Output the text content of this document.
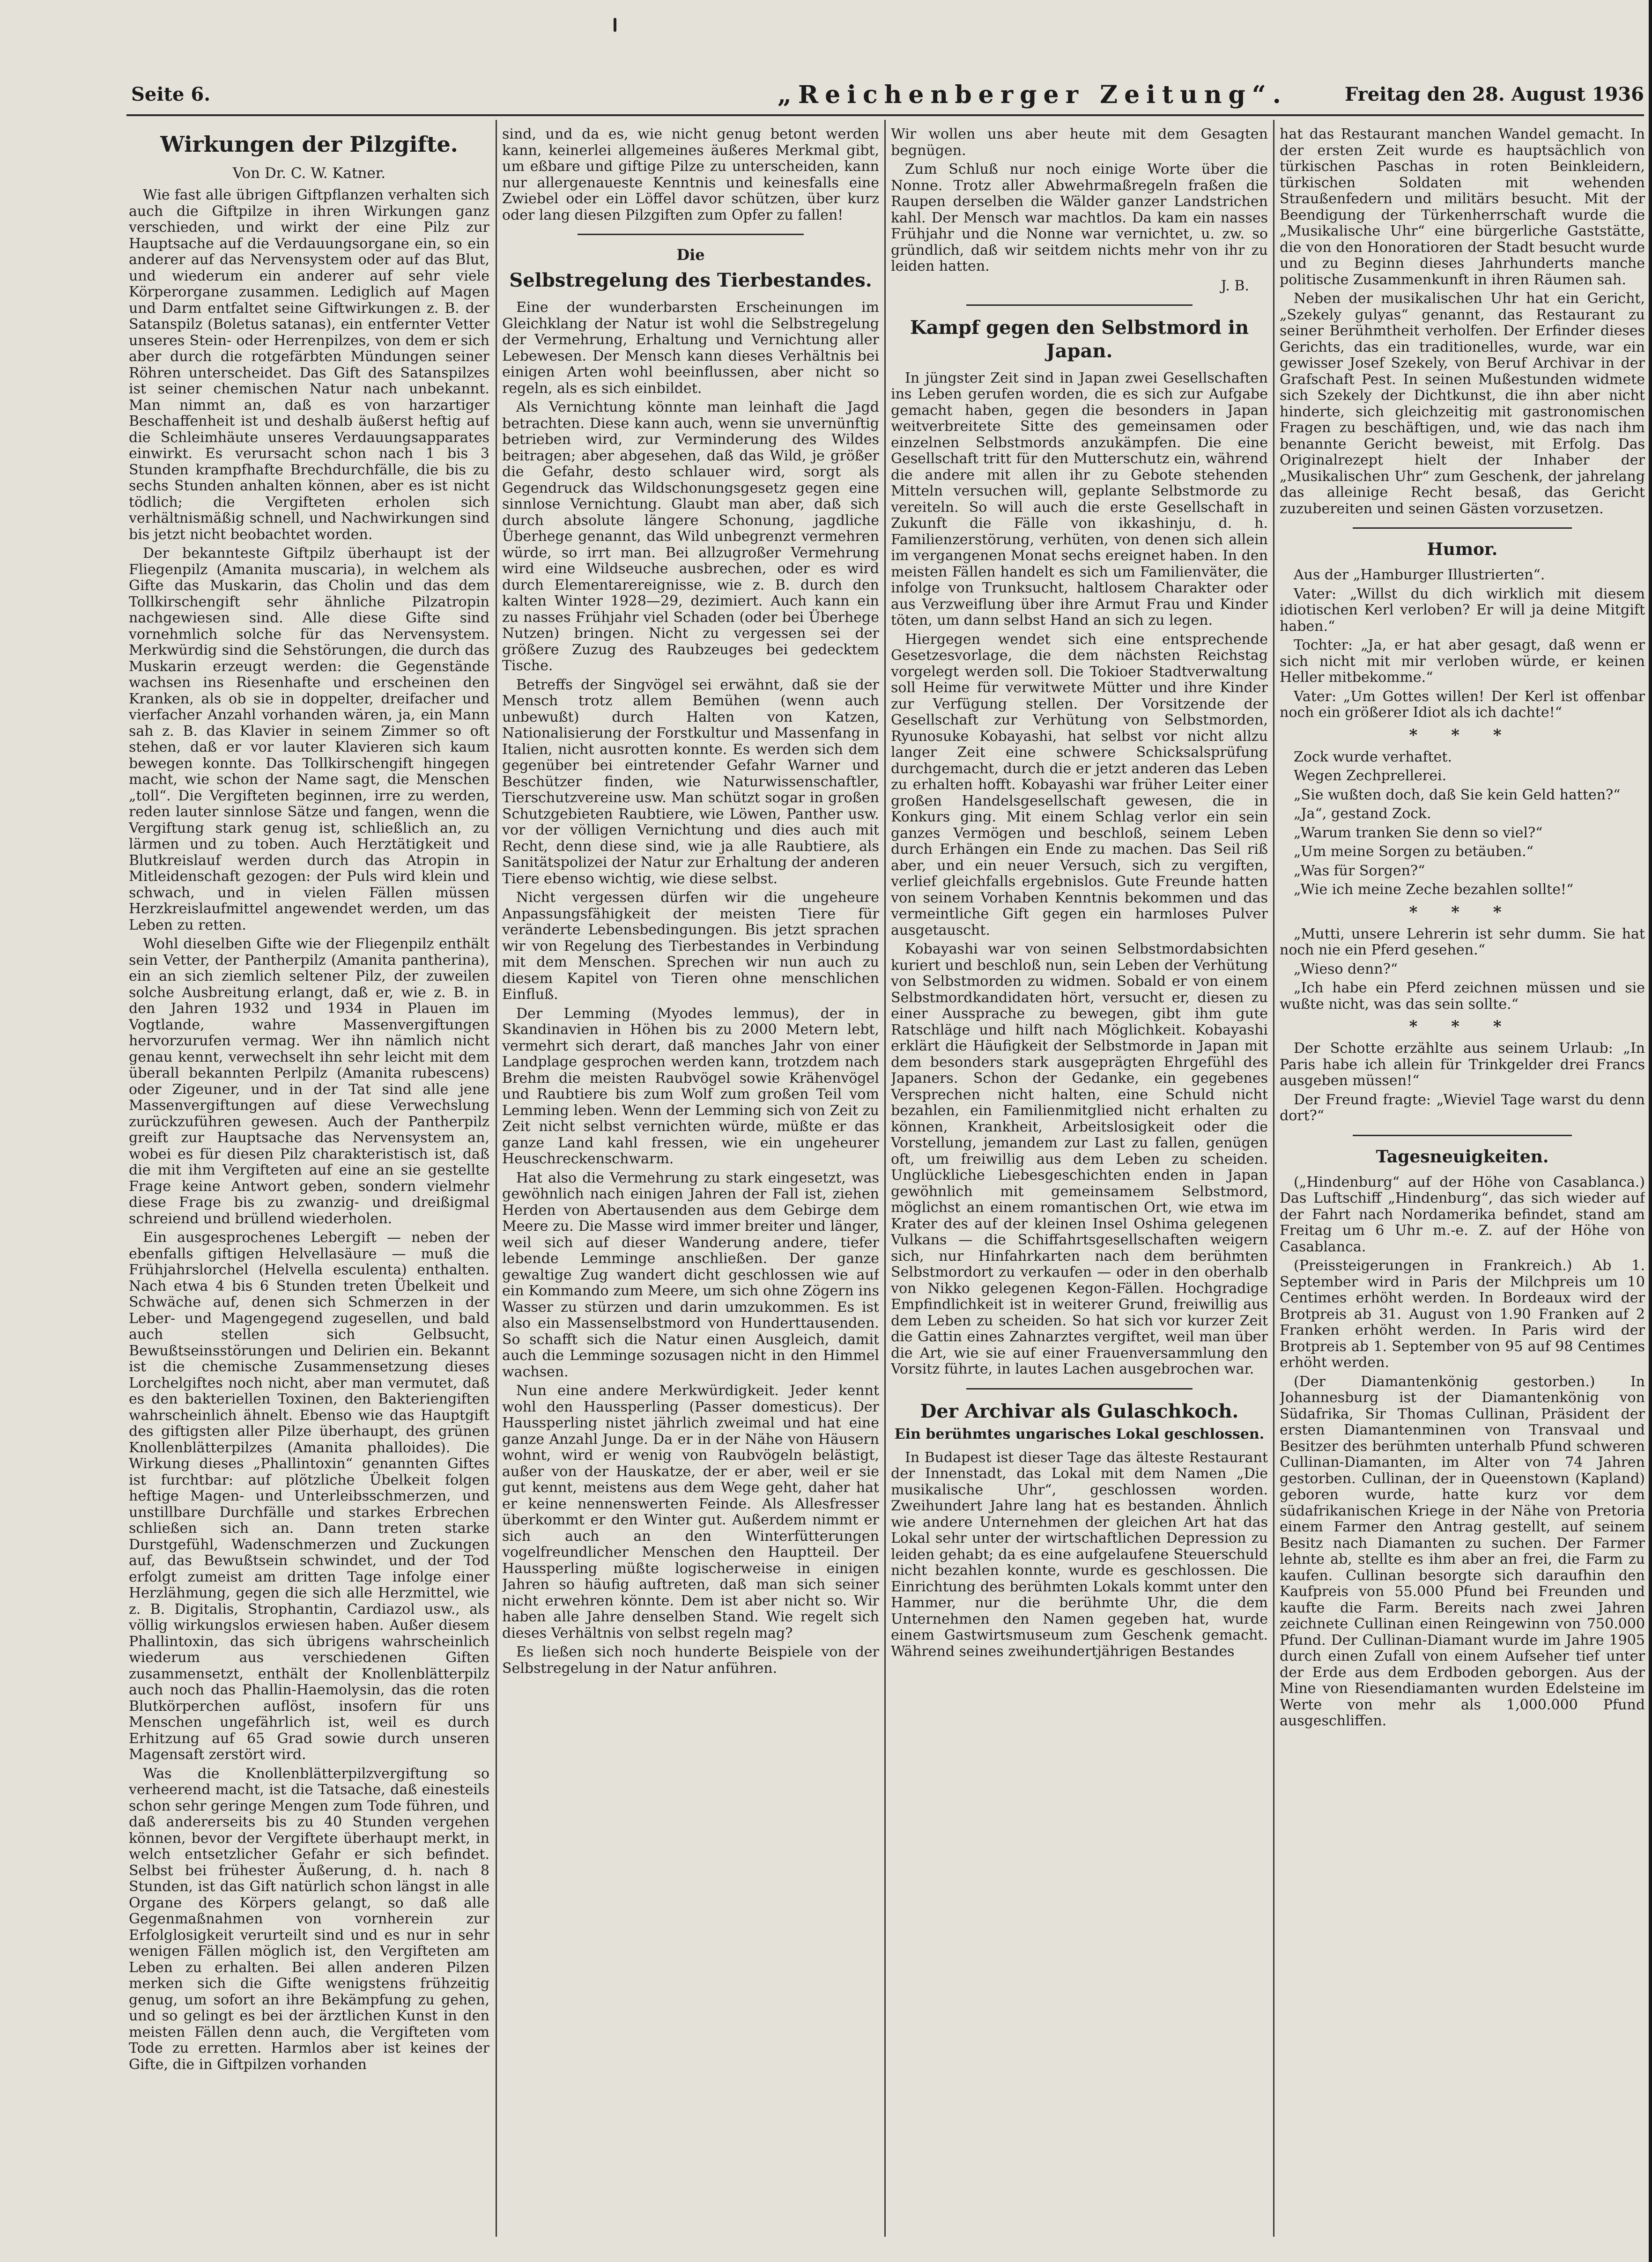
Seite 6.	„Reichenberger Zeitung“.	Freitag den 28. August 1936
Wirkungen der Pilzgifte.
Von Dr. C. W. Katner.

Wie fast alle übrigen Giftpflanzen verhalten sich auch die Giftpilze in ihren Wirkungen ganz verschieden, und wirkt der eine Pilz zur Hauptsache auf die Verdauungsorgane ein, so ein anderer auf das Nervensystem oder auf das Blut, und wiederum ein anderer auf sehr viele Körperorgane zusammen. Lediglich auf Magen und Darm entfaltet seine Giftwirkungen z. B. der Satanspilz (Boletus satanas), ein entfernter Vetter unseres Stein- oder Herrenpilzes, von dem er sich aber durch die rotgefärbten Mündungen seiner Röhren unterscheidet. Das Gift des Satanspilzes ist seiner chemischen Natur nach unbekannt. Man nimmt an, daß es von harzartiger Beschaffenheit ist und deshalb äußerst heftig auf die Schleimhäute unseres Verdauungsapparates einwirkt. Es verursacht schon nach 1 bis 3 Stunden krampfhafte Brechdurchfälle, die bis zu sechs Stunden anhalten können, aber es ist nicht tödlich; die Vergifteten erholen sich verhältnismäßig schnell, und Nachwirkungen sind bis jetzt nicht beobachtet worden.

Der bekannteste Giftpilz überhaupt ist der Fliegenpilz (Amanita muscaria), in welchem als Gifte das Muskarin, das Cholin und das dem Tollkirschengift sehr ähnliche Pilzatropin nachgewiesen sind. Alle diese Gifte sind vornehmlich solche für das Nervensystem. Merkwürdig sind die Sehstörungen, die durch das Muskarin erzeugt werden: die Gegenstände wachsen ins Riesenhafte und erscheinen den Kranken, als ob sie in doppelter, dreifacher und vierfacher Anzahl vorhanden wären, ja, ein Mann sah z. B. das Klavier in seinem Zimmer so oft stehen, daß er vor lauter Klavieren sich kaum bewegen konnte. Das Tollkirschengift hingegen macht, wie schon der Name sagt, die Menschen „toll“. Die Vergifteten beginnen, irre zu werden, reden lauter sinnlose Sätze und fangen, wenn die Vergiftung stark genug ist, schließlich an, zu lärmen und zu toben. Auch Herztätigkeit und Blutkreislauf werden durch das Atropin in Mitleidenschaft gezogen: der Puls wird klein und schwach, und in vielen Fällen müssen Herzkreislaufmittel angewendet werden, um das Leben zu retten.

Wohl dieselben Gifte wie der Fliegenpilz enthält sein Vetter, der Pantherpilz (Amanita pantherina), ein an sich ziemlich seltener Pilz, der zuweilen solche Ausbreitung erlangt, daß er, wie z. B. in den Jahren 1932 und 1934 in Plauen im Vogtlande, wahre Massenvergiftungen hervorzurufen vermag. Wer ihn nämlich nicht genau kennt, verwechselt ihn sehr leicht mit dem überall bekannten Perlpilz (Amanita rubescens) oder Zigeuner, und in der Tat sind alle jene Massenvergiftungen auf diese Verwechslung zurückzuführen gewesen. Auch der Pantherpilz greift zur Hauptsache das Nervensystem an, wobei es für diesen Pilz charakteristisch ist, daß die mit ihm Vergifteten auf eine an sie gestellte Frage keine Antwort geben, sondern vielmehr diese Frage bis zu zwanzig- und dreißigmal schreiend und brüllend wiederholen.

Ein ausgesprochenes Lebergift — neben der ebenfalls giftigen Helvellasäure — muß die Frühjahrslorchel (Helvella esculenta) enthalten. Nach etwa 4 bis 6 Stunden treten Übelkeit und Schwäche auf, denen sich Schmerzen in der Leber- und Magengegend zugesellen, und bald auch stellen sich Gelbsucht, Bewußtseinsstörungen und Delirien ein. Bekannt ist die chemische Zusammensetzung dieses Lorchelgiftes noch nicht, aber man vermutet, daß es den bakteriellen Toxinen, den Bakteriengiften wahrscheinlich ähnelt. Ebenso wie das Hauptgift des giftigsten aller Pilze überhaupt, des grünen Knollenblätterpilzes (Amanita phalloides). Die Wirkung dieses „Phallintoxin“ genannten Giftes ist furchtbar: auf plötzliche Übelkeit folgen heftige Magen- und Unterleibsschmerzen, und unstillbare Durchfälle und starkes Erbrechen schließen sich an. Dann treten starke Durstgefühl, Wadenschmerzen und Zuckungen auf, das Bewußtsein schwindet, und der Tod erfolgt zumeist am dritten Tage infolge einer Herzlähmung, gegen die sich alle Herzmittel, wie z. B. Digitalis, Strophantin, Cardiazol usw., als völlig wirkungslos erwiesen haben. Außer diesem Phallintoxin, das sich übrigens wahrscheinlich wiederum aus verschiedenen Giften zusammensetzt, enthält der Knollenblätterpilz auch noch das Phallin-Haemolysin, das die roten Blutkörperchen auflöst, insofern für uns Menschen ungefährlich ist, weil es durch Erhitzung auf 65 Grad sowie durch unseren Magensaft zerstört wird.

Was die Knollenblätterpilzvergiftung so verheerend macht, ist die Tatsache, daß einesteils schon sehr geringe Mengen zum Tode führen, und daß andererseits bis zu 40 Stunden vergehen können, bevor der Vergiftete überhaupt merkt, in welch entsetzlicher Gefahr er sich befindet. Selbst bei frühester Äußerung, d. h. nach 8 Stunden, ist das Gift natürlich schon längst in alle Organe des Körpers gelangt, so daß alle Gegenmaßnahmen von vornherein zur Erfolglosigkeit verurteilt sind und es nur in sehr wenigen Fällen möglich ist, den Vergifteten am Leben zu erhalten. Bei allen anderen Pilzen merken sich die Gifte wenigstens frühzeitig genug, um sofort an ihre Bekämpfung zu gehen, und so gelingt es bei der ärztlichen Kunst in den meisten Fällen denn auch, die Vergifteten vom Tode zu erretten. Harmlos aber ist keines der Gifte, die in Giftpilzen vorhanden

sind, und da es, wie nicht genug betont werden kann, keinerlei allgemeines äußeres Merkmal gibt, um eßbare und giftige Pilze zu unterscheiden, kann nur allergenaueste Kenntnis und keinesfalls eine Zwiebel oder ein Löffel davor schützen, über kurz oder lang diesen Pilzgiften zum Opfer zu fallen!

Die
Selbstregelung des Tierbestandes.

Eine der wunderbarsten Erscheinungen im Gleichklang der Natur ist wohl die Selbstregelung der Vermehrung, Erhaltung und Vernichtung aller Lebewesen. Der Mensch kann dieses Verhältnis bei einigen Arten wohl beeinflussen, aber nicht so regeln, als es sich einbildet.

Als Vernichtung könnte man leinhaft die Jagd betrachten. Diese kann auch, wenn sie unvernünftig betrieben wird, zur Verminderung des Wildes beitragen; aber abgesehen, daß das Wild, je größer die Gefahr, desto schlauer wird, sorgt als Gegendruck das Wildschonungsgesetz gegen eine sinnlose Vernichtung. Glaubt man aber, daß sich durch absolute längere Schonung, jagdliche Überhege genannt, das Wild unbegrenzt vermehren würde, so irrt man. Bei allzugroßer Vermehrung wird eine Wildseuche ausbrechen, oder es wird durch Elementarereignisse, wie z. B. durch den kalten Winter 1928—29, dezimiert. Auch kann ein zu nasses Frühjahr viel Schaden (oder bei Überhege Nutzen) bringen. Nicht zu vergessen sei der größere Zuzug des Raubzeuges bei gedecktem Tische.

Betreffs der Singvögel sei erwähnt, daß sie der Mensch trotz allem Bemühen (wenn auch unbewußt) durch Halten von Katzen, Nationalisierung der Forstkultur und Massenfang in Italien, nicht ausrotten konnte. Es werden sich dem gegenüber bei eintretender Gefahr Warner und Beschützer finden, wie Naturwissenschaftler, Tierschutzvereine usw. Man schützt sogar in großen Schutzgebieten Raubtiere, wie Löwen, Panther usw. vor der völligen Vernichtung und dies auch mit Recht, denn diese sind, wie ja alle Raubtiere, als Sanitätspolizei der Natur zur Erhaltung der anderen Tiere ebenso wichtig, wie diese selbst.

Nicht vergessen dürfen wir die ungeheure Anpassungsfähigkeit der meisten Tiere für veränderte Lebensbedingungen. Bis jetzt sprachen wir von Regelung des Tierbestandes in Verbindung mit dem Menschen. Sprechen wir nun auch zu diesem Kapitel von Tieren ohne menschlichen Einfluß.

Der Lemming (Myodes lemmus), der in Skandinavien in Höhen bis zu 2000 Metern lebt, vermehrt sich derart, daß manches Jahr von einer Landplage gesprochen werden kann, trotzdem nach Brehm die meisten Raubvögel sowie Krähenvögel und Raubtiere bis zum Wolf zum großen Teil vom Lemming leben. Wenn der Lemming sich von Zeit zu Zeit nicht selbst vernichten würde, müßte er das ganze Land kahl fressen, wie ein ungeheurer Heuschreckenschwarm.

Hat also die Vermehrung zu stark eingesetzt, was gewöhnlich nach einigen Jahren der Fall ist, ziehen Herden von Abertausenden aus dem Gebirge dem Meere zu. Die Masse wird immer breiter und länger, weil sich auf dieser Wanderung andere, tiefer lebende Lemminge anschließen. Der ganze gewaltige Zug wandert dicht geschlossen wie auf ein Kommando zum Meere, um sich ohne Zögern ins Wasser zu stürzen und darin umzukommen. Es ist also ein Massenselbstmord von Hunderttausenden. So schafft sich die Natur einen Ausgleich, damit auch die Lemminge sozusagen nicht in den Himmel wachsen.

Nun eine andere Merkwürdigkeit. Jeder kennt wohl den Haussperling (Passer domesticus). Der Haussperling nistet jährlich zweimal und hat eine ganze Anzahl Junge. Da er in der Nähe von Häusern wohnt, wird er wenig von Raubvögeln belästigt, außer von der Hauskatze, der er aber, weil er sie gut kennt, meistens aus dem Wege geht, daher hat er keine nennenswerten Feinde. Als Allesfresser überkommt er den Winter gut. Außerdem nimmt er sich auch an den Winterfütterungen vogelfreundlicher Menschen den Hauptteil. Der Haussperling müßte logischerweise in einigen Jahren so häufig auftreten, daß man sich seiner nicht erwehren könnte. Dem ist aber nicht so. Wir haben alle Jahre denselben Stand. Wie regelt sich dieses Verhältnis von selbst regeln mag?

Es ließen sich noch hunderte Beispiele von der Selbstregelung in der Natur anführen.

Wir wollen uns aber heute mit dem Gesagten begnügen.

Zum Schluß nur noch einige Worte über die Nonne. Trotz aller Abwehrmaßregeln fraßen die Raupen derselben die Wälder ganzer Landstrichen kahl. Der Mensch war machtlos. Da kam ein nasses Frühjahr und die Nonne war vernichtet, u. zw. so gründlich, daß wir seitdem nichts mehr von ihr zu leiden hatten.

J. B.
Kampf gegen den Selbstmord in Japan.

In jüngster Zeit sind in Japan zwei Gesellschaften ins Leben gerufen worden, die es sich zur Aufgabe gemacht haben, gegen die besonders in Japan weitverbreitete Sitte des gemeinsamen oder einzelnen Selbstmords anzukämpfen. Die eine Gesellschaft tritt für den Mutterschutz ein, während die andere mit allen ihr zu Gebote stehenden Mitteln versuchen will, geplante Selbstmorde zu vereiteln. So will auch die erste Gesellschaft in Zukunft die Fälle von ikkashinju, d. h. Familienzerstörung, verhüten, von denen sich allein im vergangenen Monat sechs ereignet haben. In den meisten Fällen handelt es sich um Familienväter, die infolge von Trunksucht, haltlosem Charakter oder aus Verzweiflung über ihre Armut Frau und Kinder töten, um dann selbst Hand an sich zu legen.

Hiergegen wendet sich eine entsprechende Gesetzesvorlage, die dem nächsten Reichstag vorgelegt werden soll. Die Tokioer Stadtverwaltung soll Heime für verwitwete Mütter und ihre Kinder zur Verfügung stellen. Der Vorsitzende der Gesellschaft zur Verhütung von Selbstmorden, Ryunosuke Kobayashi, hat selbst vor nicht allzu langer Zeit eine schwere Schicksalsprüfung durchgemacht, durch die er jetzt anderen das Leben zu erhalten hofft. Kobayashi war früher Leiter einer großen Handelsgesellschaft gewesen, die in Konkurs ging. Mit einem Schlag verlor ein sein ganzes Vermögen und beschloß, seinem Leben durch Erhängen ein Ende zu machen. Das Seil riß aber, und ein neuer Versuch, sich zu vergiften, verlief gleichfalls ergebnislos. Gute Freunde hatten von seinem Vorhaben Kenntnis bekommen und das vermeintliche Gift gegen ein harmloses Pulver ausgetauscht.

Kobayashi war von seinen Selbstmordabsichten kuriert und beschloß nun, sein Leben der Verhütung von Selbstmorden zu widmen. Sobald er von einem Selbstmordkandidaten hört, versucht er, diesen zu einer Aussprache zu bewegen, gibt ihm gute Ratschläge und hilft nach Möglichkeit. Kobayashi erklärt die Häufigkeit der Selbstmorde in Japan mit dem besonders stark ausgeprägten Ehrgefühl des Japaners. Schon der Gedanke, ein gegebenes Versprechen nicht halten, eine Schuld nicht bezahlen, ein Familienmitglied nicht erhalten zu können, Krankheit, Arbeitslosigkeit oder die Vorstellung, jemandem zur Last zu fallen, genügen oft, um freiwillig aus dem Leben zu scheiden. Unglückliche Liebesgeschichten enden in Japan gewöhnlich mit gemeinsamem Selbstmord, möglichst an einem romantischen Ort, wie etwa im Krater des auf der kleinen Insel Oshima gelegenen Vulkans — die Schiffahrtsgesellschaften weigern sich, nur Hinfahrkarten nach dem berühmten Selbstmordort zu verkaufen — oder in den oberhalb von Nikko gelegenen Kegon-Fällen. Hochgradige Empfindlichkeit ist in weiterer Grund, freiwillig aus dem Leben zu scheiden. So hat sich vor kurzer Zeit die Gattin eines Zahnarztes vergiftet, weil man über die Art, wie sie auf einer Frauenversammlung den Vorsitz führte, in lautes Lachen ausgebrochen war.

Der Archivar als Gulaschkoch.
Ein berühmtes ungarisches Lokal geschlossen.

In Budapest ist dieser Tage das älteste Restaurant der Innenstadt, das Lokal mit dem Namen „Die musikalische Uhr“, geschlossen worden. Zweihundert Jahre lang hat es bestanden. Ähnlich wie andere Unternehmen der gleichen Art hat das Lokal sehr unter der wirtschaftlichen Depression zu leiden gehabt; da es eine aufgelaufene Steuerschuld nicht bezahlen konnte, wurde es geschlossen. Die Einrichtung des berühmten Lokals kommt unter den Hammer, nur die berühmte Uhr, die dem Unternehmen den Namen gegeben hat, wurde einem Gastwirtsmuseum zum Geschenk gemacht. Während seines zweihundertjährigen Bestandes

hat das Restaurant manchen Wandel gemacht. In der ersten Zeit wurde es hauptsächlich von türkischen Paschas in roten Beinkleidern, türkischen Soldaten mit wehenden Straußenfedern und militärs besucht. Mit der Beendigung der Türkenherrschaft wurde die „Musikalische Uhr“ eine bürgerliche Gaststätte, die von den Honoratioren der Stadt besucht wurde und zu Beginn dieses Jahrhunderts manche politische Zusammenkunft in ihren Räumen sah.

Neben der musikalischen Uhr hat ein Gericht, „Szekely gulyas“ genannt, das Restaurant zu seiner Berühmtheit verholfen. Der Erfinder dieses Gerichts, das ein traditionelles, wurde, war ein gewisser Josef Szekely, von Beruf Archivar in der Grafschaft Pest. In seinen Mußestunden widmete sich Szekely der Dichtkunst, die ihn aber nicht hinderte, sich gleichzeitig mit gastronomischen Fragen zu beschäftigen, und, wie das nach ihm benannte Gericht beweist, mit Erfolg. Das Originalrezept hielt der Inhaber der „Musikalischen Uhr“ zum Geschenk, der jahrelang das alleinige Recht besaß, das Gericht zuzubereiten und seinen Gästen vorzusetzen.

Humor.

Aus der „Hamburger Illustrierten“.

Vater: „Willst du dich wirklich mit diesem idiotischen Kerl verloben? Er will ja deine Mitgift haben.“

Tochter: „Ja, er hat aber gesagt, daß wenn er sich nicht mit mir verloben würde, er keinen Heller mitbekomme.“

Vater: „Um Gottes willen! Der Kerl ist offenbar noch ein größerer Idiot als ich dachte!“

* * *

Zock wurde verhaftet.

Wegen Zechprellerei.

„Sie wußten doch, daß Sie kein Geld hatten?“

„Ja“, gestand Zock.

„Warum tranken Sie denn so viel?“

„Um meine Sorgen zu betäuben.“

„Was für Sorgen?“

„Wie ich meine Zeche bezahlen sollte!“

* * *

„Mutti, unsere Lehrerin ist sehr dumm. Sie hat noch nie ein Pferd gesehen.“

„Wieso denn?“

„Ich habe ein Pferd zeichnen müssen und sie wußte nicht, was das sein sollte.“

* * *

Der Schotte erzählte aus seinem Urlaub: „In Paris habe ich allein für Trinkgelder drei Francs ausgeben müssen!“

Der Freund fragte: „Wieviel Tage warst du denn dort?“

Tagesneuigkeiten.

(„Hindenburg“ auf der Höhe von Casablanca.) Das Luftschiff „Hindenburg“, das sich wieder auf der Fahrt nach Nordamerika befindet, stand am Freitag um 6 Uhr m.-e. Z. auf der Höhe von Casablanca.

(Preissteigerungen in Frankreich.) Ab 1. September wird in Paris der Milchpreis um 10 Centimes erhöht werden. In Bordeaux wird der Brotpreis ab 31. August von 1.90 Franken auf 2 Franken erhöht werden. In Paris wird der Brotpreis ab 1. September von 95 auf 98 Centimes erhöht werden.

(Der Diamantenkönig gestorben.) In Johannesburg ist der Diamantenkönig von Südafrika, Sir Thomas Cullinan, Präsident der ersten Diamantenminen von Transvaal und Besitzer des berühmten unterhalb Pfund schweren Cullinan-Diamanten, im Alter von 74 Jahren gestorben. Cullinan, der in Queenstown (Kapland) geboren wurde, hatte kurz vor dem südafrikanischen Kriege in der Nähe von Pretoria einem Farmer den Antrag gestellt, auf seinem Besitz nach Diamanten zu suchen. Der Farmer lehnte ab, stellte es ihm aber an frei, die Farm zu kaufen. Cullinan besorgte sich daraufhin den Kaufpreis von 55.000 Pfund bei Freunden und kaufte die Farm. Bereits nach zwei Jahren zeichnete Cullinan einen Reingewinn von 750.000 Pfund. Der Cullinan-Diamant wurde im Jahre 1905 durch einen Zufall von einem Aufseher tief unter der Erde aus dem Erdboden geborgen. Aus der Mine von Riesendiamanten wurden Edelsteine im Werte von mehr als 1,000.000 Pfund ausgeschliffen.
